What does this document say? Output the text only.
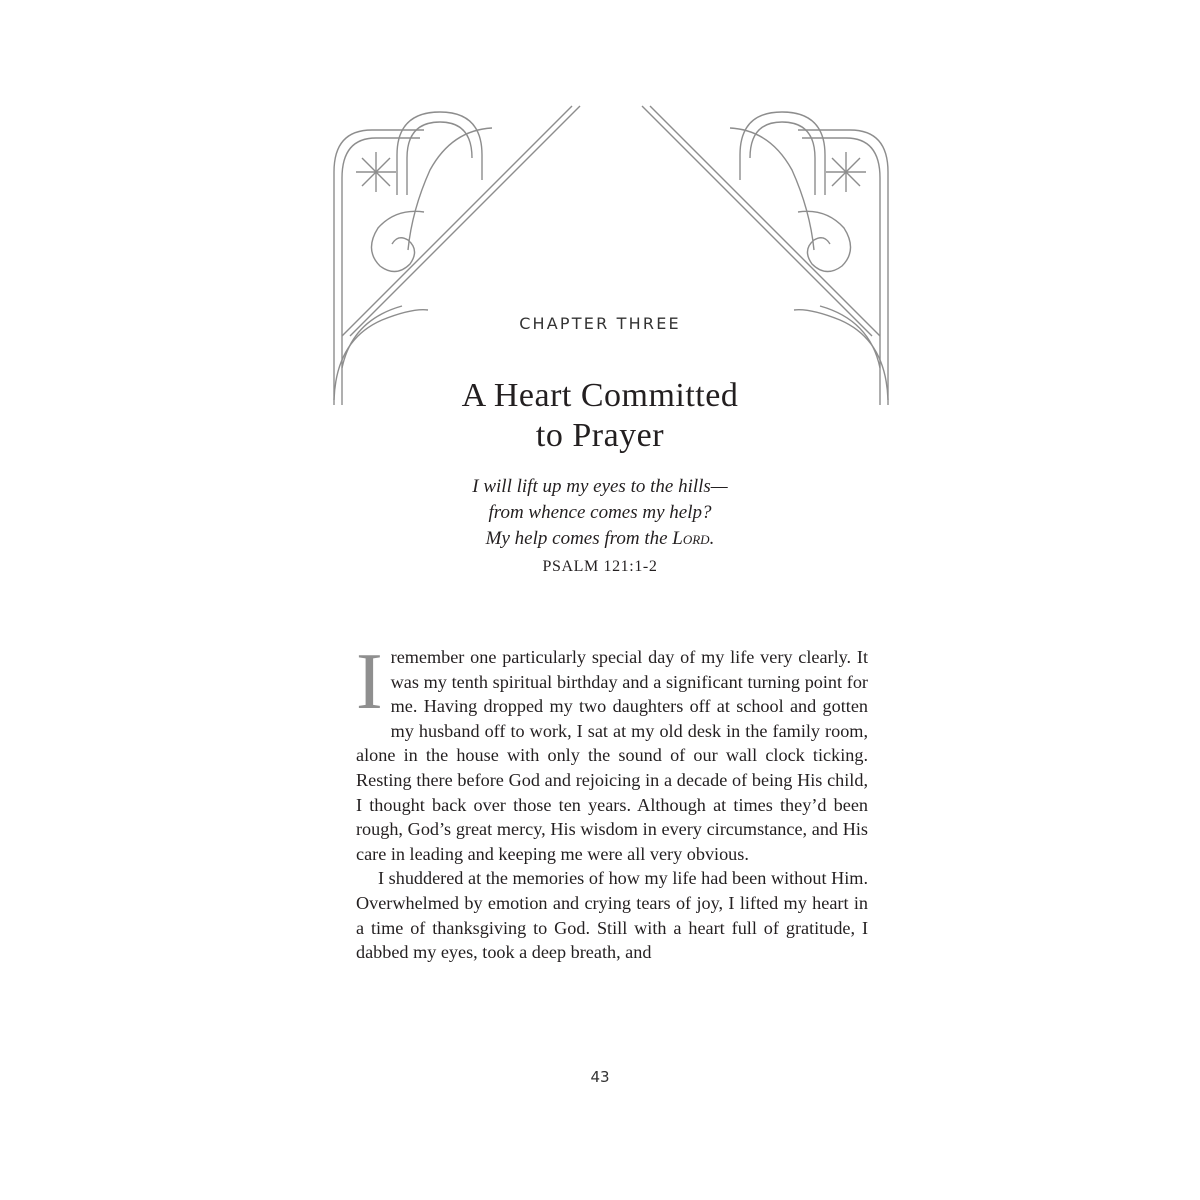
CHAPTER THREE

A Heart Committed
to Prayer
I will lift up my eyes to the hills—
from whence comes my help?
My help comes from the Lord.
PSALM 121:1-2

Iremember one particularly special day of my life very clearly. It was my tenth spiritual birthday and a significant turning point for me. Having dropped my two daughters off at school and gotten my husband off to work, I sat at my old desk in the family room, alone in the house with only the sound of our wall clock ticking. Resting there before God and rejoicing in a decade of being His child, I thought back over those ten years. Although at times they’d been rough, God’s great mercy, His wisdom in every circumstance, and His care in leading and keeping me were all very obvious.

I shuddered at the memories of how my life had been without Him. Overwhelmed by emotion and crying tears of joy, I lifted my heart in a time of thanksgiving to God. Still with a heart full of gratitude, I dabbed my eyes, took a deep breath, and

43
